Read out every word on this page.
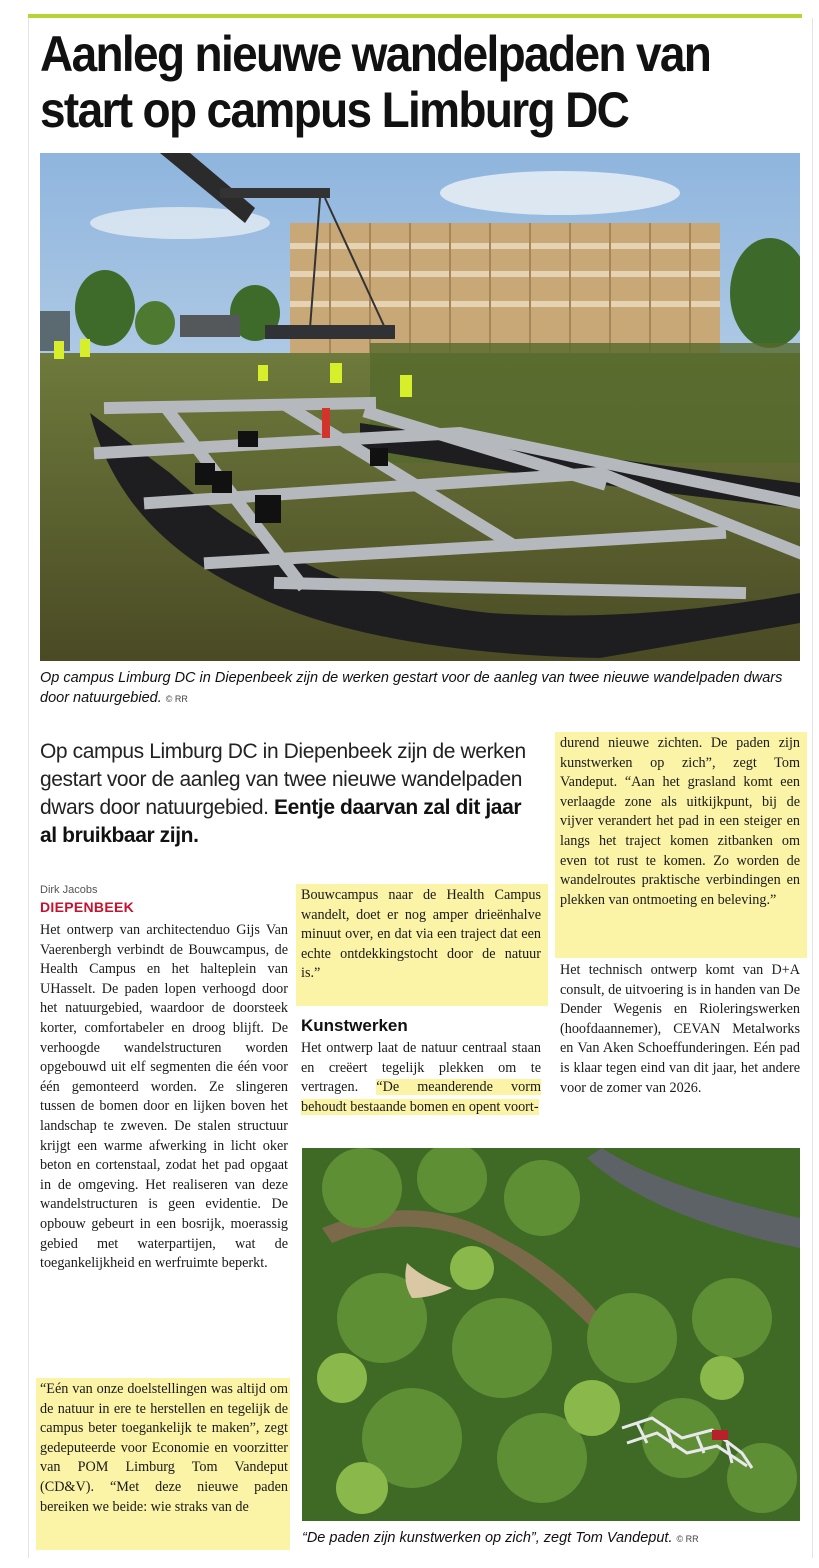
Aanleg nieuwe wandelpaden van start op campus Limburg DC

Op campus Limburg DC in Diepenbeek zijn de werken gestart voor de aanleg van twee nieuwe wandelpaden dwars door natuurgebied. © RR

Op campus Limburg DC in Diepenbeek zijn de werken gestart voor de aanleg van twee nieuwe wandelpaden dwars door natuurgebied. Eentje daarvan zal dit jaar al bruikbaar zijn.

Dirk Jacobs

DIEPENBEEK

Het ontwerp van architectenduo Gijs Van Vaerenbergh verbindt de Bouwcampus, de Health Campus en het halteplein van UHasselt. De paden lopen verhoogd door het natuurgebied, waardoor de doorsteek korter, comfortabeler en droog blijft. De verhoogde wandelstructuren worden opgebouwd uit elf segmenten die één voor één gemonteerd worden. Ze slingeren tussen de bomen door en lijken boven het landschap te zweven. De stalen structuur krijgt een warme afwerking in licht oker beton en cortenstaal, zodat het pad opgaat in de omgeving. Het realiseren van deze wandelstructuren is geen evidentie. De opbouw gebeurt in een bosrijk, moerassig gebied met waterpartijen, wat de toegankelijkheid en werfruimte beperkt.

“Eén van onze doelstellingen was altijd om de natuur in ere te herstellen en tegelijk de campus beter toegankelijk te maken”, zegt gedeputeerde voor Economie en voorzitter van POM Limburg Tom Vandeput (CD&V). “Met deze nieuwe paden bereiken we beide: wie straks van de

Bouwcampus naar de Health Campus wandelt, doet er nog amper drieënhalve minuut over, en dat via een traject dat een echte ontdekkingstocht door de natuur is.”

Kunstwerken

Het ontwerp laat de natuur centraal staan en creëert tegelijk plekken om te vertragen. “De meanderende vorm behoudt bestaande bomen en opent voort-

durend nieuwe zichten. De paden zijn kunstwerken op zich”, zegt Tom Vandeput. “Aan het grasland komt een verlaagde zone als uitkijkpunt, bij de vijver verandert het pad in een steiger en langs het traject komen zitbanken om even tot rust te komen. Zo worden de wandelroutes praktische verbindingen en plekken van ontmoeting en beleving.”

Het technisch ontwerp komt van D+A consult, de uitvoering is in handen van De Dender Wegenis en Rioleringswerken (hoofdaannemer), CEVAN Metalworks en Van Aken Schoeffunderingen. Eén pad is klaar tegen eind van dit jaar, het andere voor de zomer van 2026.

“De paden zijn kunstwerken op zich”, zegt Tom Vandeput. © RR
